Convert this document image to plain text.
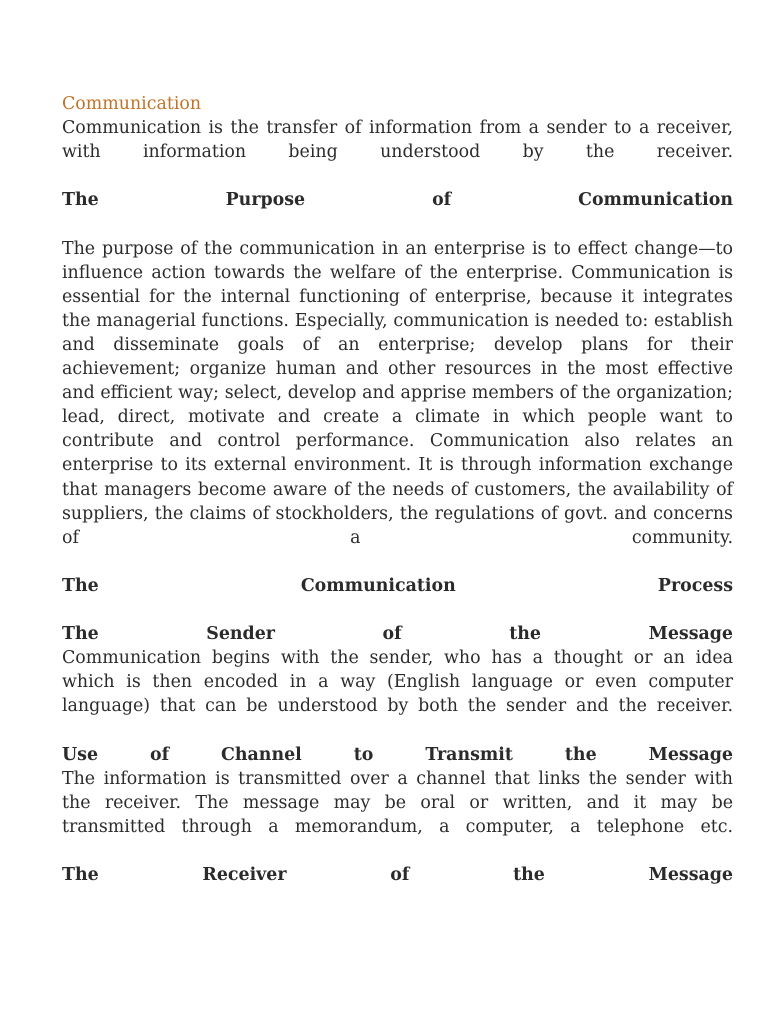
Communication

Communication is the transfer of information from a sender to a receiver, with information being understood by the receiver.

The Purpose of Communication

The purpose of the communication in an enterprise is to effect change—to influence action towards the welfare of the enterprise. Communication is essential for the internal functioning of enterprise, because it integrates the managerial functions. Especially, communication is needed to: establish and disseminate goals of an enterprise; develop plans for their achievement; organize human and other resources in the most effective and efficient way; select, develop and apprise members of the organization; lead, direct, motivate and create a climate in which people want to contribute and control performance. Communication also relates an enterprise to its external environment. It is through information exchange that managers become aware of the needs of customers, the availability of suppliers, the claims of stockholders, the regulations of govt. and concerns of a community.

The Communication Process

The Sender of the Message

Communication begins with the sender, who has a thought or an idea which is then encoded in a way (English language or even computer language) that can be understood by both the sender and the receiver.

Use of Channel to Transmit the Message

The information is transmitted over a channel that links the sender with the receiver. The message may be oral or written, and it may be transmitted through a memorandum, a computer, a telephone etc.

The Receiver of the Message
